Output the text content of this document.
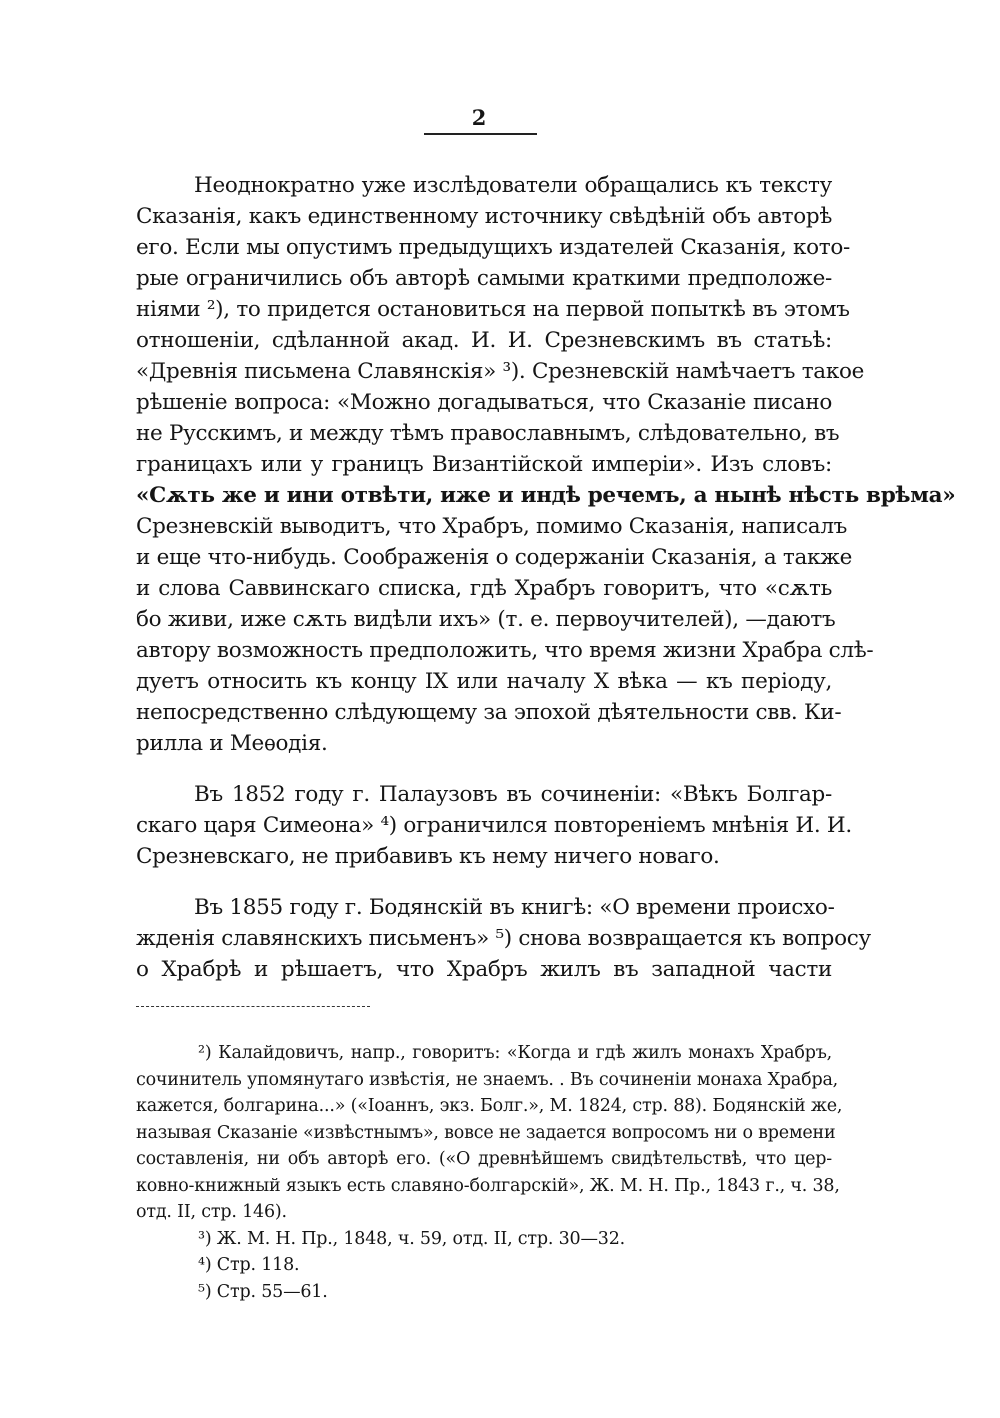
2

Неоднократно уже изслѣдователи обращались къ тексту
Сказанія, какъ единственному источнику свѣдѣній объ авторѣ
его. Если мы опустимъ предыдущихъ издателей Сказанія, кото-
рые ограничились объ авторѣ самыми краткими предположе-
ніями ²), то придется остановиться на первой попыткѣ въ этомъ
отношеніи, сдѣланной акад. И. И. Срезневскимъ въ статьѣ:
«Древнія письмена Славянскія» ³). Срезневскій намѣчаетъ такое
рѣшеніе вопроса: «Можно догадываться, что Сказаніе писано
не Русскимъ, и между тѣмъ православнымъ, слѣдовательно, въ
границахъ или у границъ Византійской имперіи». Изъ словъ:
«Сѫть же и ини отвѣти, иже и индѣ речемъ, а нынѣ нѣсть врѣма»
Срезневскій выводитъ, что Храбръ, помимо Сказанія, написалъ
и еще что-нибудь. Соображенія о содержаніи Сказанія, а также
и слова Саввинскаго списка, гдѣ Храбръ говоритъ, что «сѫть
бо живи, иже сѫть видѣли ихъ» (т. е. первоучителей), —даютъ
автору возможность предположить, что время жизни Храбра слѣ-
дуетъ относить къ концу IX или началу X вѣка — къ періоду,
непосредственно слѣдующему за эпохой дѣятельности свв. Ки-
рилла и Меѳодія.
Въ 1852 году г. Палаузовъ въ сочиненіи: «Вѣкъ Болгар-
скаго царя Симеона» ⁴) ограничился повтореніемъ мнѣнія И. И.
Срезневскаго, не прибавивъ къ нему ничего новаго.
Въ 1855 году г. Бодянскій въ книгѣ: «О времени происхо-
жденія славянскихъ письменъ» ⁵) снова возвращается къ вопросу
о Храбрѣ и рѣшаетъ, что Храбръ жилъ въ западной части
²) Калайдовичъ, напр., говоритъ: «Когда и гдѣ жилъ монахъ Храбръ,
сочинитель упомянутаго извѣстія, не знаемъ. . Въ сочиненіи монаха Храбра,
кажется, болгарина...» («Іоаннъ, экз. Болг.», М. 1824, стр. 88). Бодянскій же,
называя Сказаніе «извѣстнымъ», вовсе не задается вопросомъ ни о времени
составленія, ни объ авторѣ его. («О древнѣйшемъ свидѣтельствѣ, что цер-
ковно-книжный языкъ есть славяно-болгарскій», Ж. М. Н. Пр., 1843 г., ч. 38,
отд. II, стр. 146).
³) Ж. М. Н. Пр., 1848, ч. 59, отд. II, стр. 30—32.
⁴) Стр. 118.
⁵) Стр. 55—61.
